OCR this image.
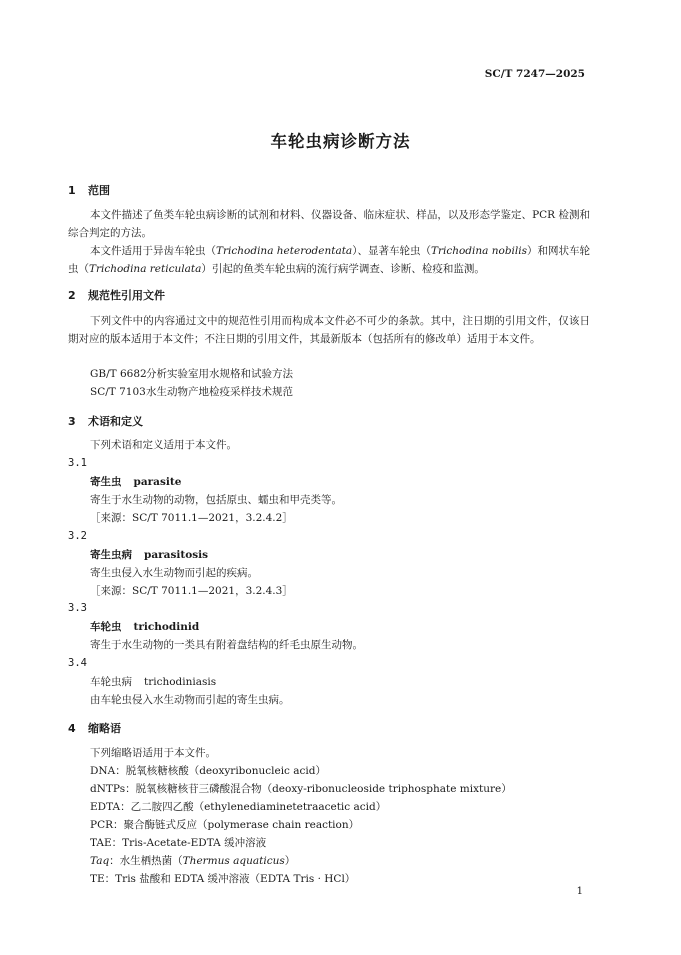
SC/T 7247—2025
车轮虫病诊断方法
1 范围
本文件描述了鱼类车轮虫病诊断的试剂和材料、仪器设备、临床症状、样品，以及形态学鉴定、PCR 检测和综合判定的方法。
本文件适用于异齿车轮虫（Trichodina heterodentata）、显著车轮虫（Trichodina nobilis）和网状车轮虫（Trichodina reticulata）引起的鱼类车轮虫病的流行病学调查、诊断、检疫和监测。
2 规范性引用文件
下列文件中的内容通过文中的规范性引用而构成本文件必不可少的条款。其中，注日期的引用文件，仅该日期对应的版本适用于本文件；不注日期的引用文件，其最新版本（包括所有的修改单）适用于本文件。
GB/T 6682分析实验室用水规格和试验方法
SC/T 7103水生动物产地检疫采样技术规范
3 术语和定义
下列术语和定义适用于本文件。
3.1
寄生虫 parasite
寄生于水生动物的动物，包括原虫、蠕虫和甲壳类等。
［来源：SC/T 7011.1—2021，3.2.4.2］
3.2
寄生虫病 parasitosis
寄生虫侵入水生动物而引起的疾病。
［来源：SC/T 7011.1—2021，3.2.4.3］
3.3
车轮虫 trichodinid
寄生于水生动物的一类具有附着盘结构的纤毛虫原生动物。
3.4
车轮虫病 trichodiniasis
由车轮虫侵入水生动物而引起的寄生虫病。
4 缩略语
下列缩略语适用于本文件。
DNA：脱氧核糖核酸（deoxyribonucleic acid）
dNTPs：脱氧核糖核苷三磷酸混合物（deoxy-ribonucleoside triphosphate mixture）
EDTA：乙二胺四乙酸（ethylenediaminetetraacetic acid）
PCR：聚合酶链式反应（polymerase chain reaction）
TAE：Tris-Acetate-EDTA 缓冲溶液
Taq：水生栖热菌（Thermus aquaticus）
TE：Tris 盐酸和 EDTA 缓冲溶液（EDTA Tris · HCl）
1
